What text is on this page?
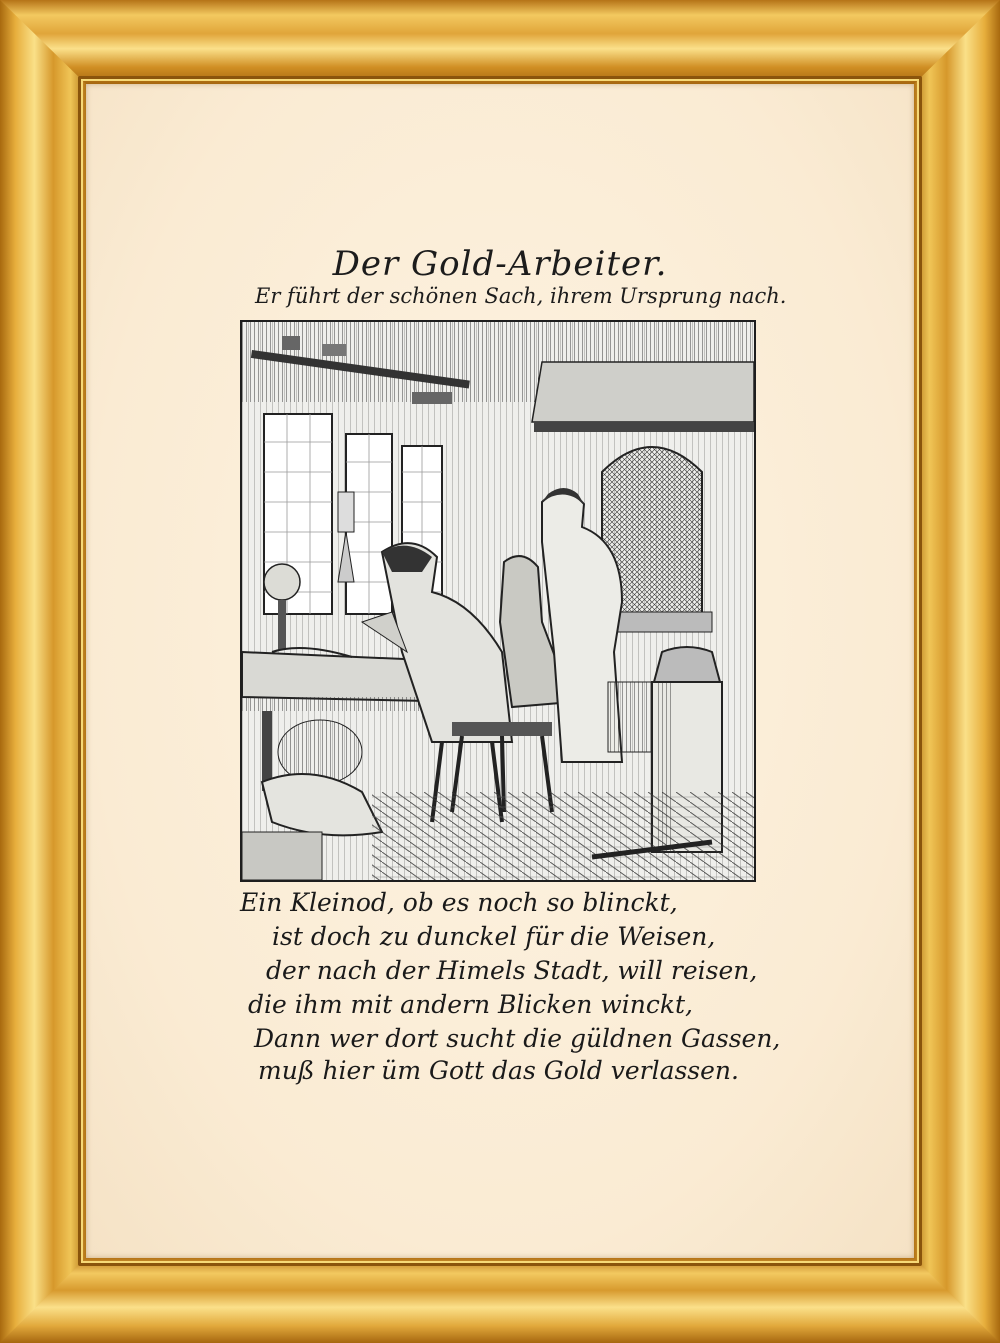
Der Gold-Arbeiter.
Er führt der schönen Sach, ihrem Ursprung nach.
Ein Kleinod, ob es noch so blinckt,
ist doch zu dunckel für die Weisen,
der nach der Himels Stadt, will reisen,
die ihm mit andern Blicken winckt,
Dann wer dort sucht die güldnen Gassen,
muß hier üm Gott das Gold verlassen.
